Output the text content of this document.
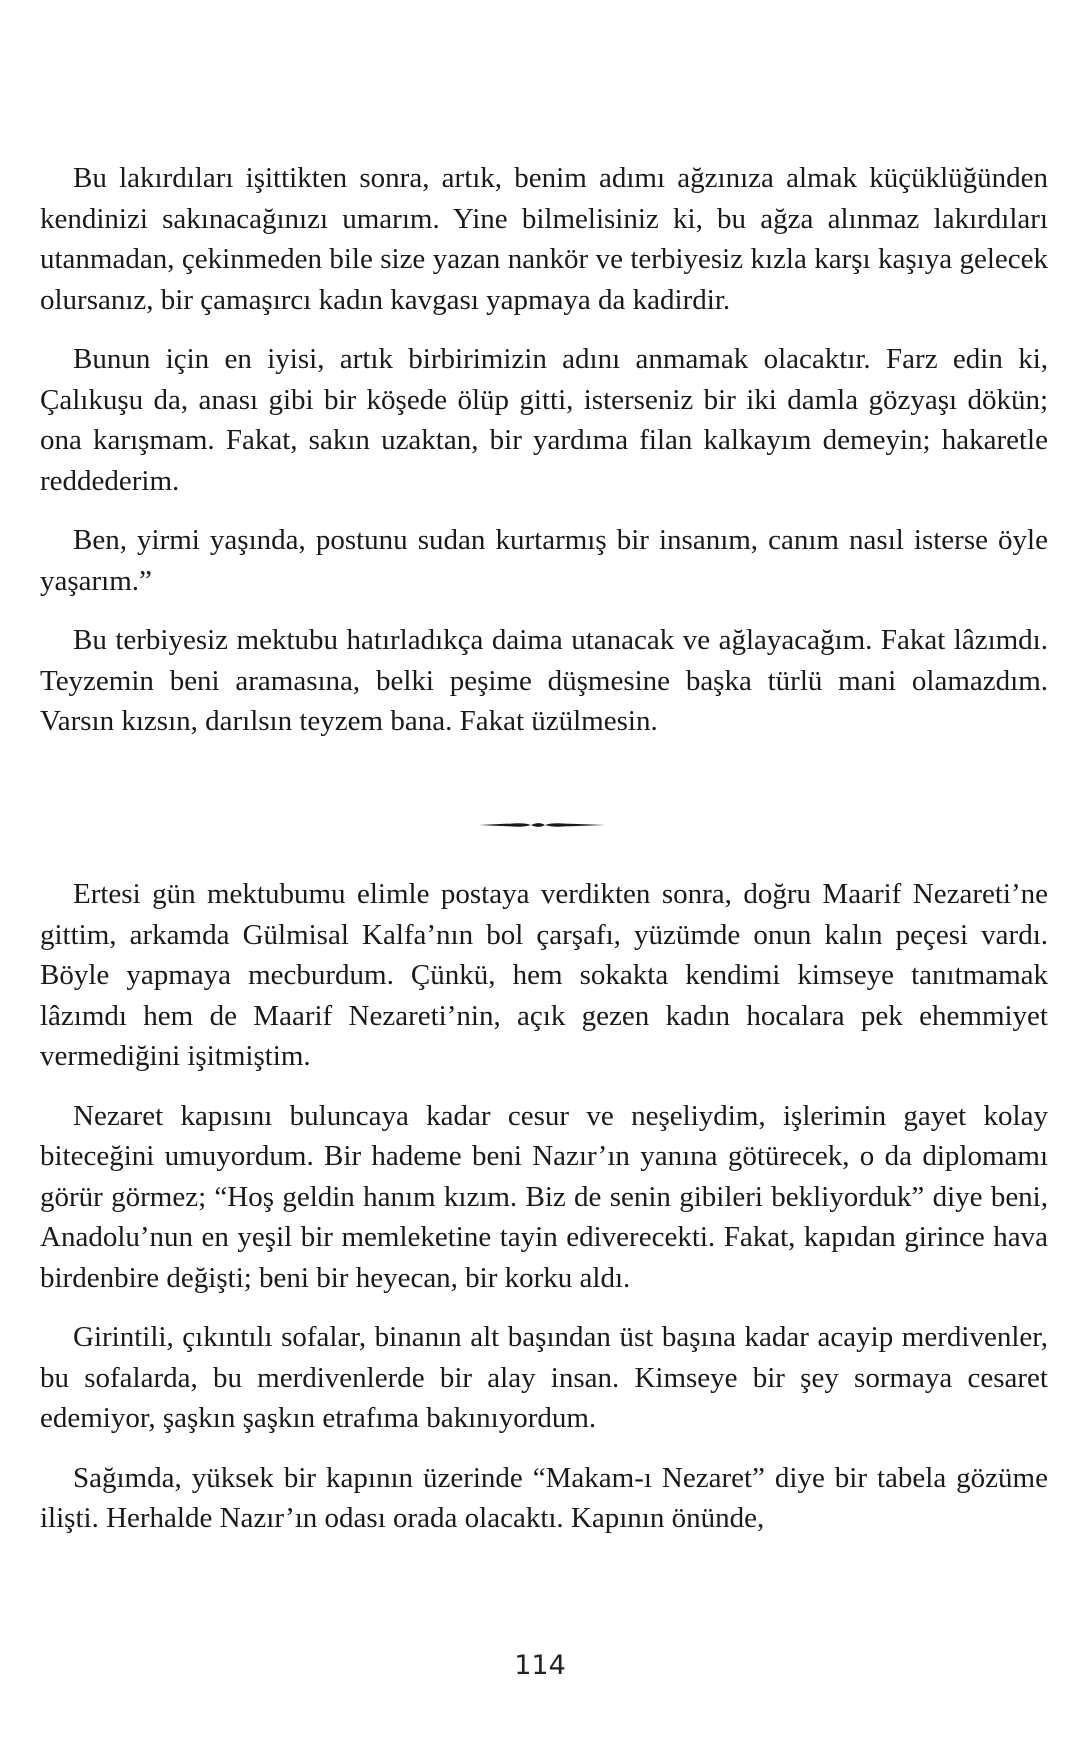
Bu lakırdıları işittikten sonra, artık, benim adımı ağzınıza almak küçüklüğünden kendinizi sakınacağınızı umarım. Yine bilmelisiniz ki, bu ağza alınmaz lakırdıları utanmadan, çekinmeden bile size yazan nankör ve terbiyesiz kızla karşı kaşıya gelecek olursanız, bir çamaşırcı kadın kavgası yapmaya da kadirdir.

Bunun için en iyisi, artık birbirimizin adını anmamak olacaktır. Farz edin ki, Çalıkuşu da, anası gibi bir köşede ölüp gitti, isterseniz bir iki damla gözyaşı dökün; ona karışmam. Fakat, sakın uzaktan, bir yardıma filan kalkayım demeyin; hakaretle reddederim.

Ben, yirmi yaşında, postunu sudan kurtarmış bir insanım, canım nasıl isterse öyle yaşarım.”

Bu terbiyesiz mektubu hatırladıkça daima utanacak ve ağlayacağım. Fakat lâzımdı. Teyzemin beni aramasına, belki peşime düşmesine başka türlü mani olamazdım. Varsın kızsın, darılsın teyzem bana. Fakat üzülmesin.

Ertesi gün mektubumu elimle postaya verdikten sonra, doğru Maarif Nezareti’ne gittim, arkamda Gülmisal Kalfa’nın bol çarşafı, yüzümde onun kalın peçesi vardı. Böyle yapmaya mecburdum. Çünkü, hem sokakta kendimi kimseye tanıtmamak lâzımdı hem de Maarif Nezareti’nin, açık gezen kadın hocalara pek ehemmiyet vermediğini işitmiştim.

Nezaret kapısını buluncaya kadar cesur ve neşeliydim, işlerimin gayet kolay biteceğini umuyordum. Bir hademe beni Nazır’ın yanına götürecek, o da diplomamı görür görmez; “Hoş geldin hanım kızım. Biz de senin gibileri bekliyorduk” diye beni, Anadolu’nun en yeşil bir memleketine tayin ediverecekti. Fakat, kapıdan girince hava birdenbire değişti; beni bir heyecan, bir korku aldı.

Girintili, çıkıntılı sofalar, binanın alt başından üst başına kadar acayip merdivenler, bu sofalarda, bu merdivenlerde bir alay insan. Kimseye bir şey sormaya cesaret edemiyor, şaşkın şaşkın etrafıma bakınıyordum.

Sağımda, yüksek bir kapının üzerinde “Makam-ı Nezaret” diye bir tabela gözüme ilişti. Herhalde Nazır’ın odası orada olacaktı. Kapının önünde,

114
